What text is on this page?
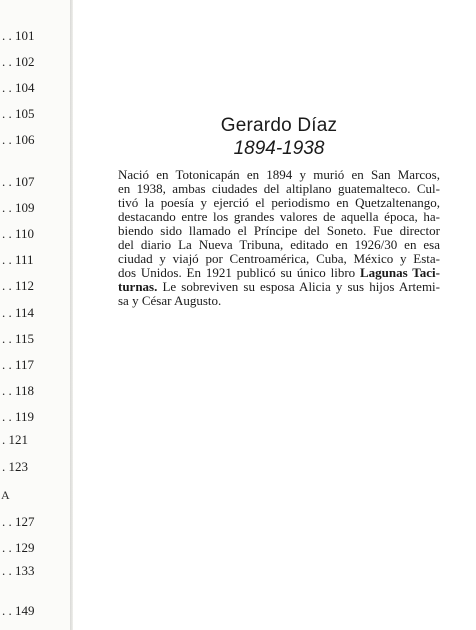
. . 101
. . 102
. . 104
. . 105
. . 106
. . 107
. . 109
. . 110
. . 111
. . 112
. . 114
. . 115
. . 117
. . 118
. . 119
. 121
. 123
A
. . 127
. . 129
. . 133
. . 149
Gerardo Díaz
1894-1938
Nació en Totonicapán en 1894 y murió en San Marcos,
en 1938, ambas ciudades del altiplano guatemalteco. Cul-
tivó la poesía y ejerció el periodismo en Quetzaltenango,
destacando entre los grandes valores de aquella época, ha-
biendo sido llamado el Príncipe del Soneto. Fue director
del diario La Nueva Tribuna, editado en 1926/30 en esa
ciudad y viajó por Centroamérica, Cuba, México y Esta-
dos Unidos. En 1921 publicó su único libro Lagunas Taci-
turnas. Le sobreviven su esposa Alicia y sus hijos Artemi-
sa y César Augusto.
